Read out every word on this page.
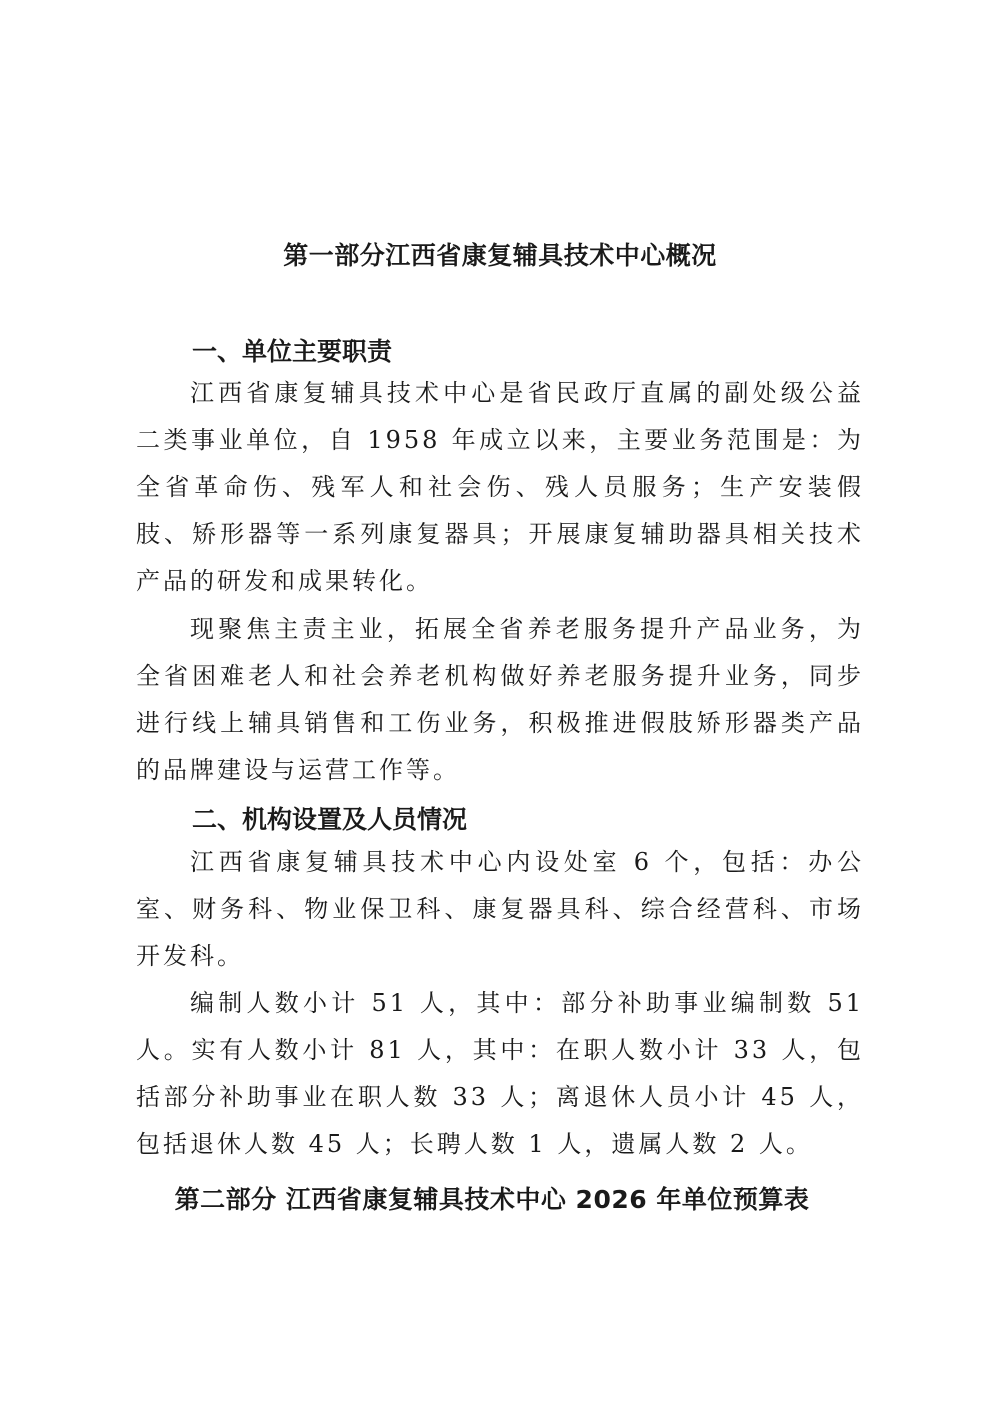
第一部分江西省康复辅具技术中心概况
一、单位主要职责

江西省康复辅具技术中心是省民政厅直属的副处级公益二类事业单位，自 1958 年成立以来，主要业务范围是：为全省革命伤、残军人和社会伤、残人员服务；生产安装假肢、矫形器等一系列康复器具；开展康复辅助器具相关技术产品的研发和成果转化。

现聚焦主责主业，拓展全省养老服务提升产品业务，为全省困难老人和社会养老机构做好养老服务提升业务，同步进行线上辅具销售和工伤业务，积极推进假肢矫形器类产品的品牌建设与运营工作等。

二、机构设置及人员情况

江西省康复辅具技术中心内设处室 6 个，包括：办公室、财务科、物业保卫科、康复器具科、综合经营科、市场开发科。

编制人数小计 51 人，其中：部分补助事业编制数 51 人。实有人数小计 81 人，其中：在职人数小计 33 人，包括部分补助事业在职人数 33 人；离退休人员小计 45 人，包括退休人数 45 人；长聘人数 1 人，遗属人数 2 人。

第二部分 江西省康复辅具技术中心 2026 年单位预算表
